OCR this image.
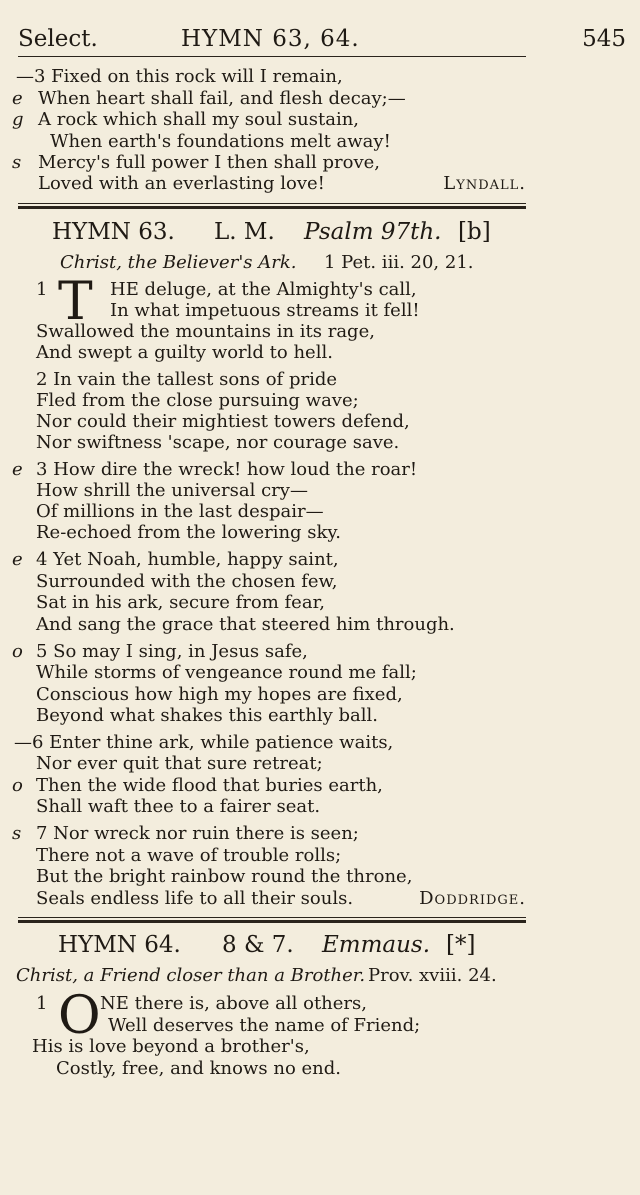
Select.	HYMN 63, 64.	545
—3 Fixed on this rock will I remain,
e When heart shall fail, and flesh decay;—
g A rock which shall my soul sustain,
When earth's foundations melt away!
s Mercy's full power I then shall prove,
Loved with an everlasting love!	Lyndall.
HYMN 63. L. M. Psalm 97th. [b]
Christ, the Believer's Ark. 1 Pet. iii. 20, 21.
1	HE deluge, at the Almighty's call,
T In what impetuous streams it fell!
Swallowed the mountains in its rage,
And swept a guilty world to hell.
2 In vain the tallest sons of pride
Fled from the close pursuing wave;
Nor could their mightiest towers defend,
Nor swiftness 'scape, nor courage save.
e 3 How dire the wreck! how loud the roar!
How shrill the universal cry—
Of millions in the last despair—
Re-echoed from the lowering sky.
e 4 Yet Noah, humble, happy saint,
Surrounded with the chosen few,
Sat in his ark, secure from fear,
And sang the grace that steered him through.
o 5 So may I sing, in Jesus safe,
While storms of vengeance round me fall;
Conscious how high my hopes are fixed,
Beyond what shakes this earthly ball.
—6 Enter thine ark, while patience waits,
Nor ever quit that sure retreat;
o Then the wide flood that buries earth,
Shall waft thee to a fairer seat.
s 7 Nor wreck nor ruin there is seen;
There not a wave of trouble rolls;
But the bright rainbow round the throne,
Seals endless life to all their souls.	Doddridge.
HYMN 64. 8 & 7. Emmaus. [*]
Christ, a Friend closer than a Brother. Prov. xviii. 24.
1	NE there is, above all others,
O Well deserves the name of Friend;
His is love beyond a brother's,
Costly, free, and knows no end.
